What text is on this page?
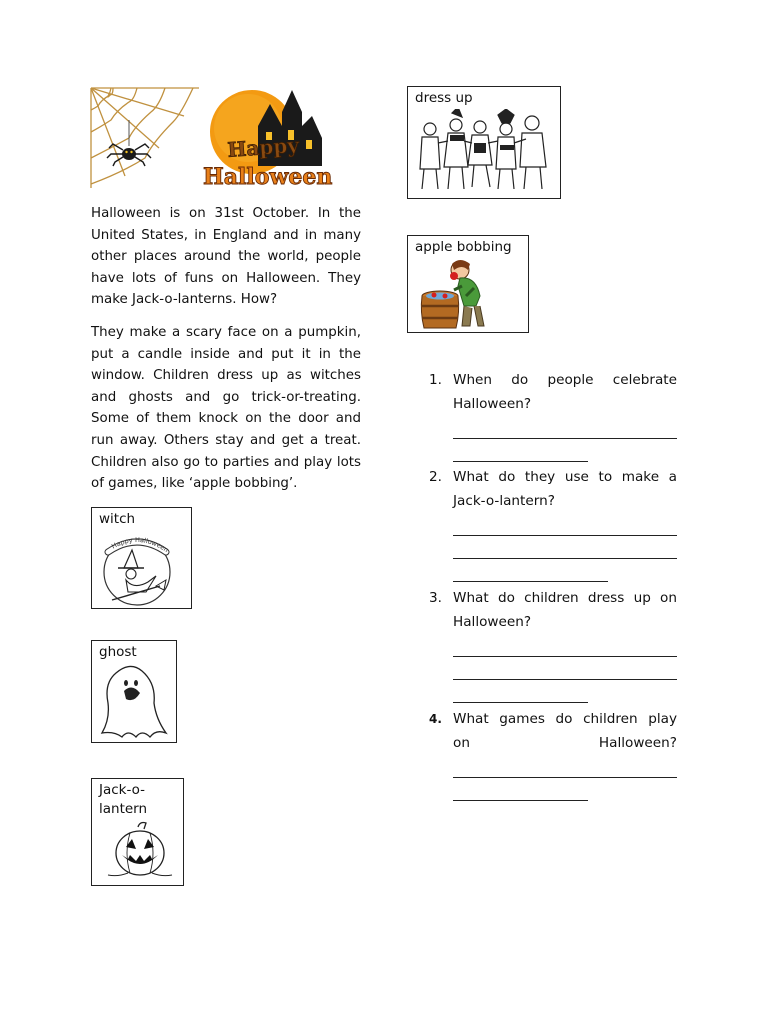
Happy
Halloween

Halloween is on 31st October. In the United States, in England and in many other places around the world, people have lots of funs on Halloween. They make Jack-o-lanterns. How?

They make a scary face on a pumpkin, put a candle inside and put it in the window. Children dress up as witches and ghosts and go trick-or-treating. Some of them knock on the door and run away. Others stay and get a treat. Children also go to parties and play lots of games, like ‘apple bobbing’.

witch
Happy Halloween
ghost
Jack-o-lantern
dress up
apple bobbing
1. When do people celebrate
Halloween?
2. What do they use to make a
Jack-o-lantern?
3. What do children dress up on
Halloween?
4. What games do children play
on Halloween?
